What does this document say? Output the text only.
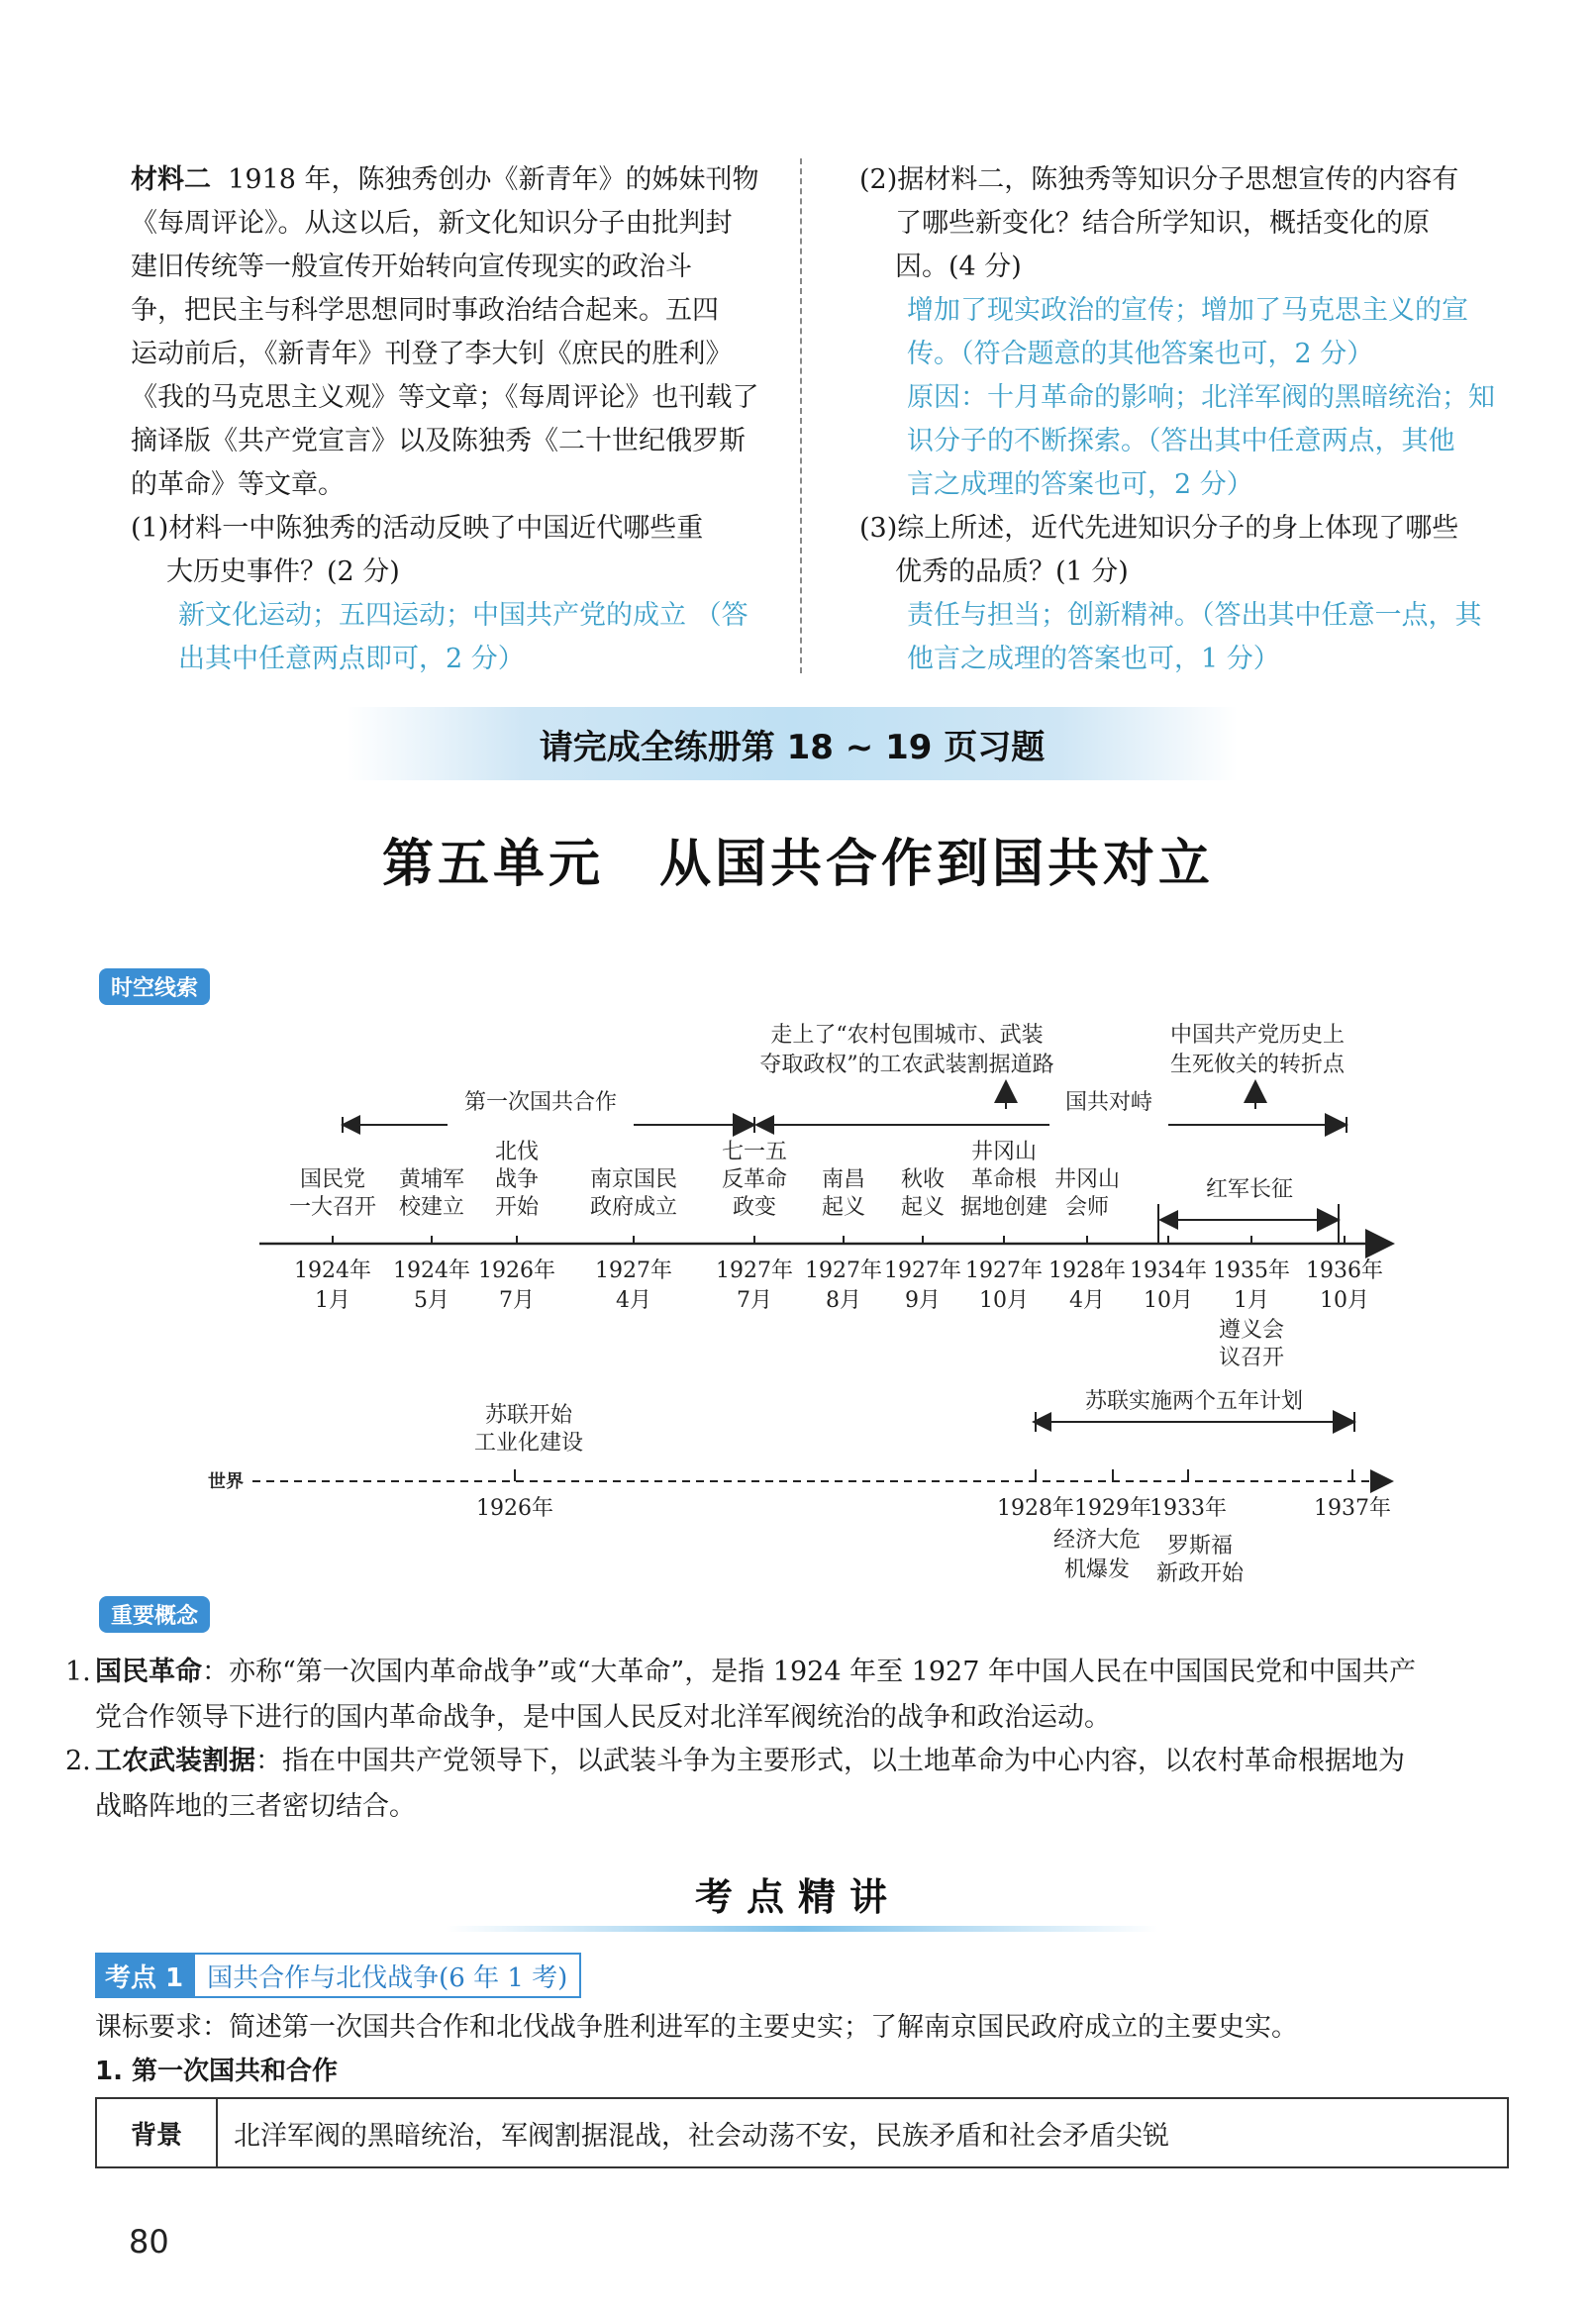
材料二 1918 年，陈独秀创办《新青年》的姊妹刊物

《每周评论》。从这以后，新文化知识分子由批判封

建旧传统等一般宣传开始转向宣传现实的政治斗

争，把民主与科学思想同时事政治结合起来。五四

运动前后，《新青年》刊登了李大钊《庶民的胜利》

《我的马克思主义观》等文章；《每周评论》也刊载了

摘译版《共产党宣言》以及陈独秀《二十世纪俄罗斯

的革命》等文章。

(1)材料一中陈独秀的活动反映了中国近代哪些重

大历史事件？(2 分)

新文化运动；五四运动；中国共产党的成立 （答

出其中任意两点即可，2 分）

(2)据材料二，陈独秀等知识分子思想宣传的内容有

了哪些新变化？结合所学知识，概括变化的原

因。(4 分)

增加了现实政治的宣传；增加了马克思主义的宣

传。（符合题意的其他答案也可，2 分）

原因：十月革命的影响；北洋军阀的黑暗统治；知

识分子的不断探索。（答出其中任意两点，其他

言之成理的答案也可，2 分）

(3)综上所述，近代先进知识分子的身上体现了哪些

优秀的品质？(1 分)

责任与担当；创新精神。（答出其中任意一点，其

他言之成理的答案也可，1 分）

请完成全练册第 18 ~ 19 页习题
第五单元　从国共合作到国共对立
时空线索
走上了“农村包围城市、武装
夺取政权”的工农武装割据道路
中国共产党历史上
生死攸关的转折点
第一次国共合作	国共对峙
红军长征
国民党
一大召开
1924年
1月
黄埔军
校建立
1924年
5月
北伐
战争
开始
1926年
7月
南京国民
政府成立
1927年
4月
七一五
反革命
政变
1927年
7月
南昌
起义
1927年
8月
秋收
起义
1927年
9月
井冈山
革命根
据地创建
1927年
10月
井冈山
会师
1928年
4月
1934年
10月
1935年
1月
1936年
10月
遵义会
议召开
世界
苏联实施两个五年计划
苏联开始
工业化建设
1926年	1928年 1929年
1933年	1937年
经济大危
机爆发
罗斯福
新政开始
重要概念
1. 国民革命：亦称“第一次国内革命战争”或“大革命”，是指 1924 年至 1927 年中国人民在中国国民党和中国共产
党合作领导下进行的国内革命战争，是中国人民反对北洋军阀统治的战争和政治运动。
2. 工农武装割据：指在中国共产党领导下，以武装斗争为主要形式，以土地革命为中心内容，以农村革命根据地为
战略阵地的三者密切结合。
考点精讲
考点 1 国共合作与北伐战争(6 年 1 考)

课标要求：简述第一次国共合作和北伐战争胜利进军的主要史实；了解南京国民政府成立的主要史实。

1. 第一次国共和合作

背景	北洋军阀的黑暗统治，军阀割据混战，社会动荡不安，民族矛盾和社会矛盾尖锐
80
